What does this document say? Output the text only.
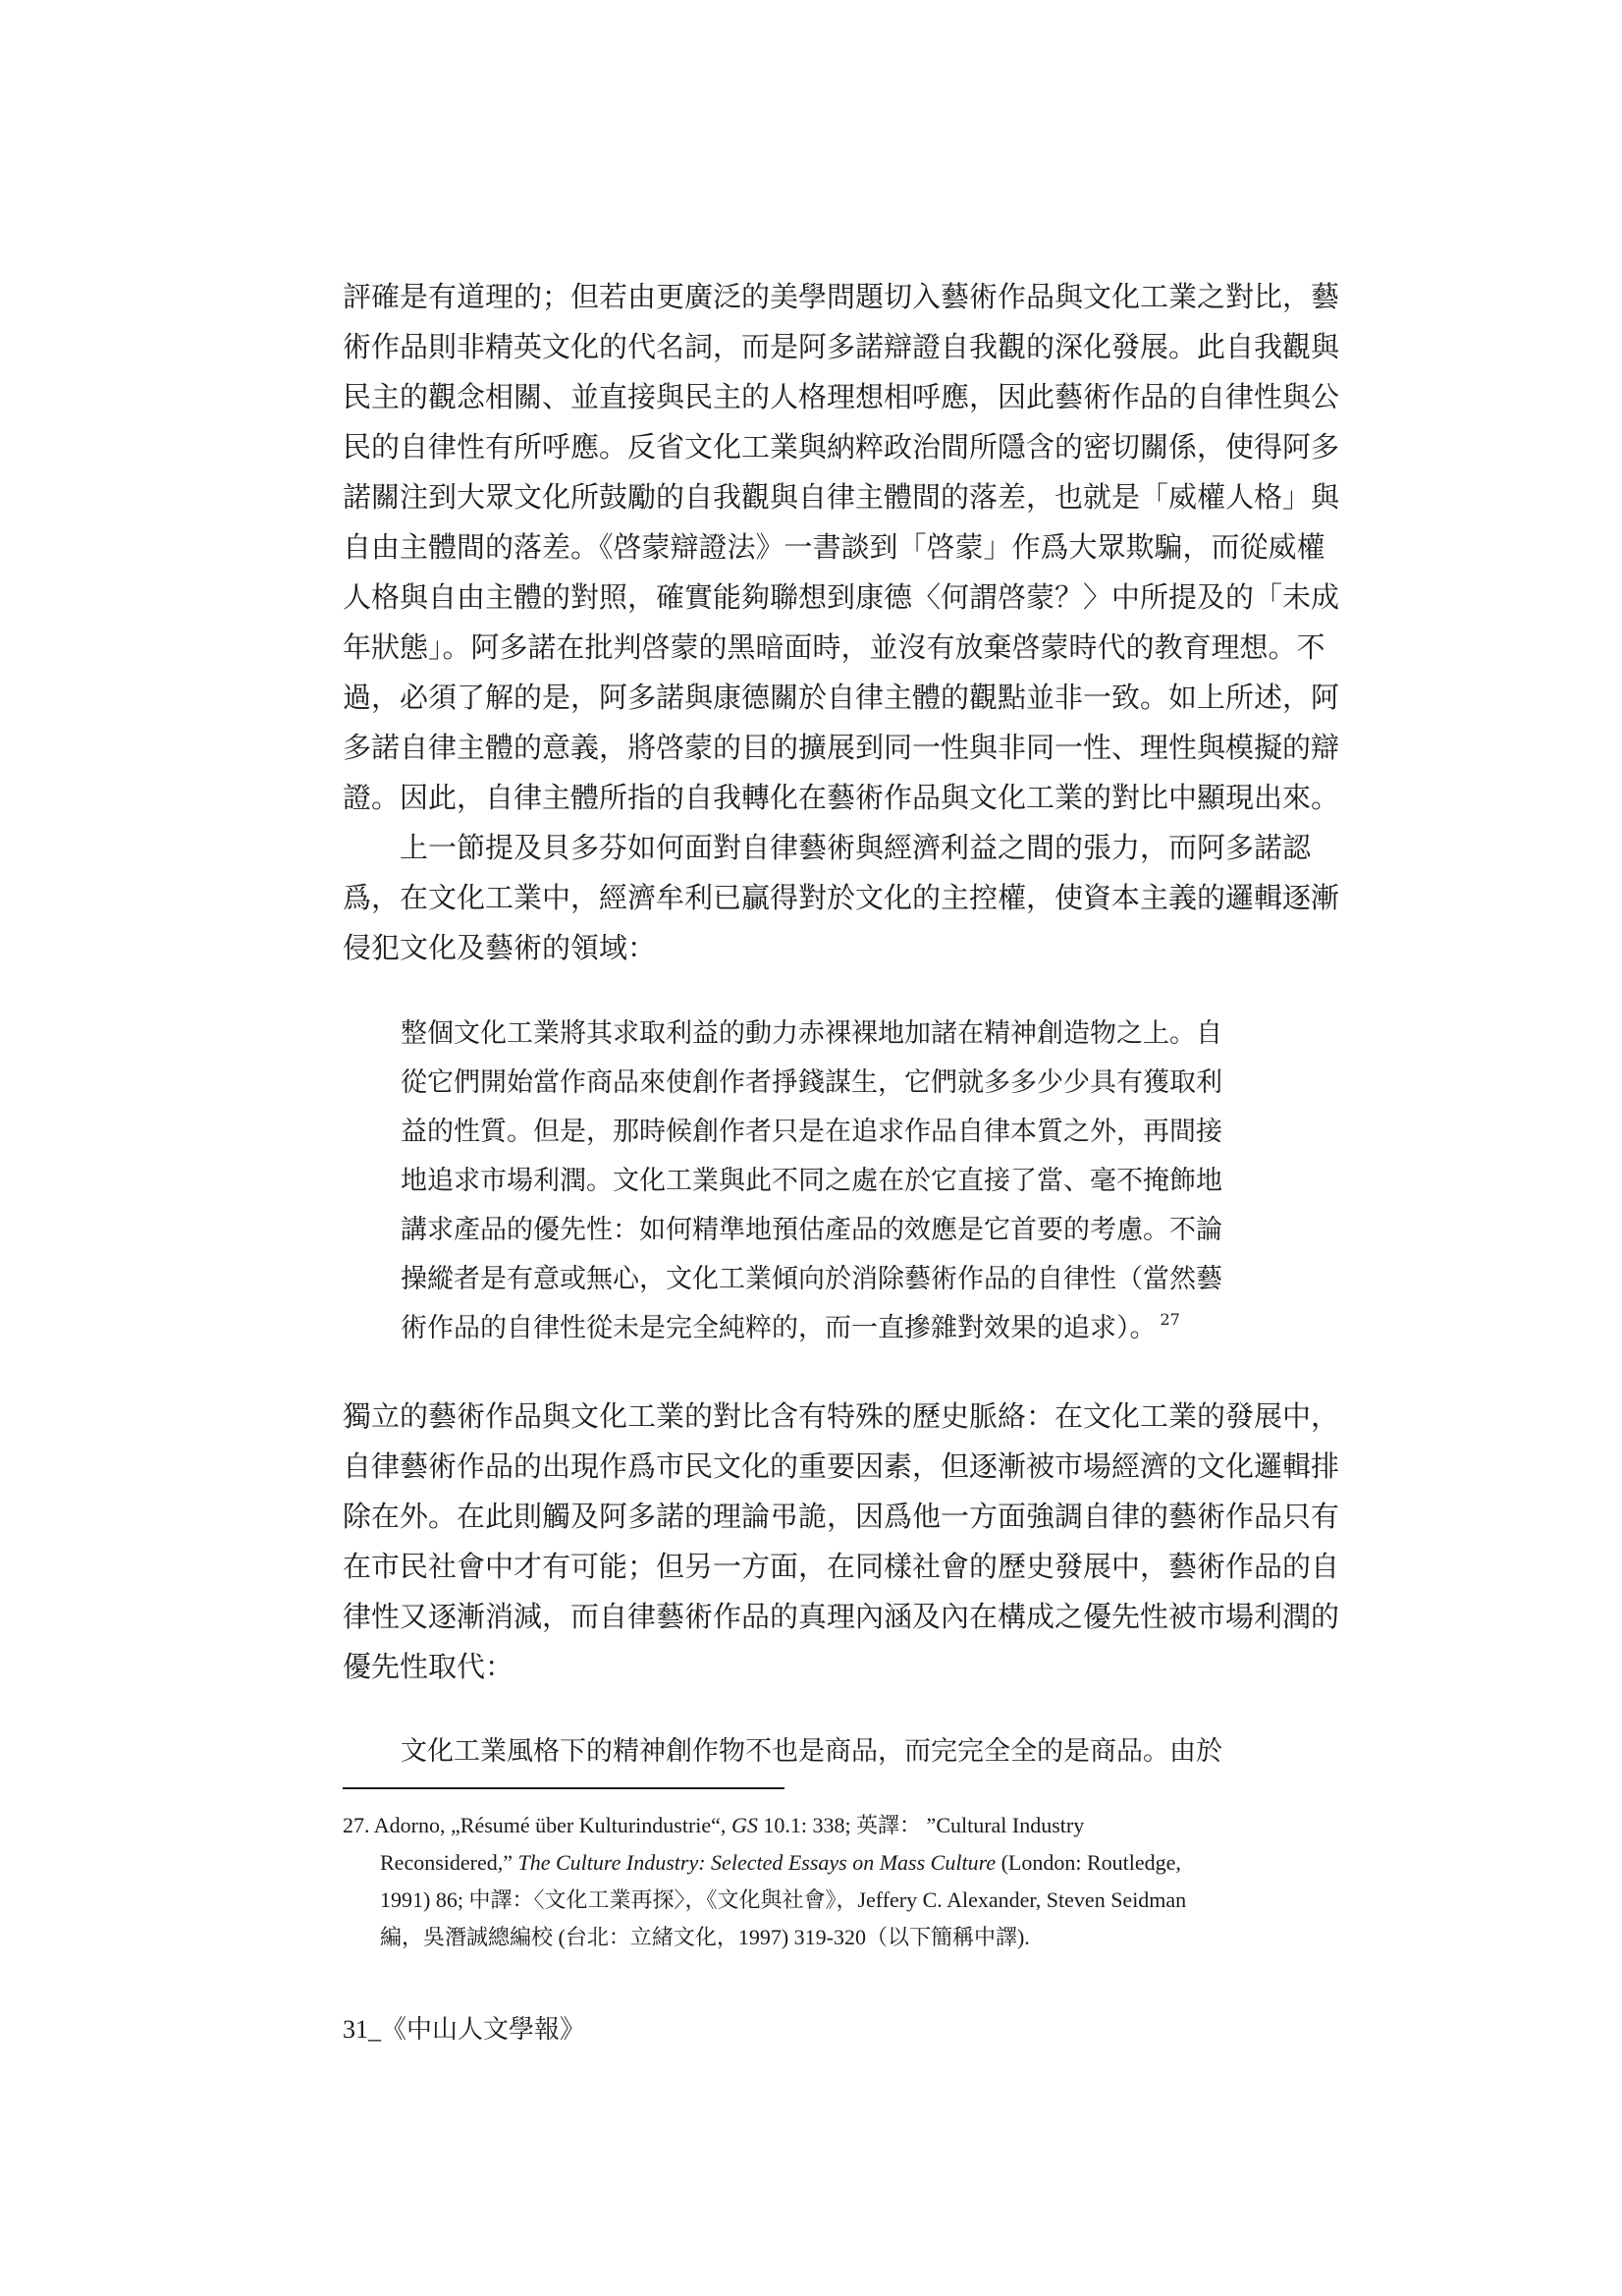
評確是有道理的；但若由更廣泛的美學問題切入藝術作品與文化工業之對比，藝
術作品則非精英文化的代名詞，而是阿多諾辯證自我觀的深化發展。此自我觀與
民主的觀念相關、並直接與民主的人格理想相呼應，因此藝術作品的自律性與公
民的自律性有所呼應。反省文化工業與納粹政治間所隱含的密切關係，使得阿多
諾關注到大眾文化所鼓勵的自我觀與自律主體間的落差，也就是「威權人格」與
自由主體間的落差。《啓蒙辯證法》一書談到「啓蒙」作爲大眾欺騙，而從威權
人格與自由主體的對照，確實能夠聯想到康德〈何謂啓蒙？〉中所提及的「未成
年狀態」。阿多諾在批判啓蒙的黑暗面時，並沒有放棄啓蒙時代的教育理想。不
過，必須了解的是，阿多諾與康德關於自律主體的觀點並非一致。如上所述，阿
多諾自律主體的意義，將啓蒙的目的擴展到同一性與非同一性、理性與模擬的辯
證。因此，自律主體所指的自我轉化在藝術作品與文化工業的對比中顯現出來。
上一節提及貝多芬如何面對自律藝術與經濟利益之間的張力，而阿多諾認
爲，在文化工業中，經濟牟利已贏得對於文化的主控權，使資本主義的邏輯逐漸
侵犯文化及藝術的領域：
整個文化工業將其求取利益的動力赤裸裸地加諸在精神創造物之上。自
從它們開始當作商品來使創作者掙錢謀生，它們就多多少少具有獲取利
益的性質。但是，那時候創作者只是在追求作品自律本質之外，再間接
地追求市場利潤。文化工業與此不同之處在於它直接了當、毫不掩飾地
講求產品的優先性：如何精準地預估產品的效應是它首要的考慮。不論
操縱者是有意或無心，文化工業傾向於消除藝術作品的自律性（當然藝
術作品的自律性從未是完全純粹的，而一直摻雜對效果的追求）。 $^{27}$
獨立的藝術作品與文化工業的對比含有特殊的歷史脈絡：在文化工業的發展中，
自律藝術作品的出現作爲市民文化的重要因素，但逐漸被市場經濟的文化邏輯排
除在外。在此則觸及阿多諾的理論弔詭，因爲他一方面強調自律的藝術作品只有
在市民社會中才有可能；但另一方面，在同樣社會的歷史發展中，藝術作品的自
律性又逐漸消減，而自律藝術作品的真理內涵及內在構成之優先性被市場利潤的
優先性取代：
文化工業風格下的精神創作物不也是商品，而完完全全的是商品。由於
27. Adorno, „Résumé über Kulturindustrie“, GS 10.1: 338; 英譯： ”Cultural Industry
Reconsidered,” The Culture Industry: Selected Essays on Mass Culture (London: Routledge,
1991) 86; 中譯：〈文化工業再探〉，《文化與社會》，Jeffery C. Alexander, Steven Seidman
編，吳潛誠總編校 (台北：立緒文化，1997) 319-320（以下簡稱中譯).
31_《中山人文學報》
